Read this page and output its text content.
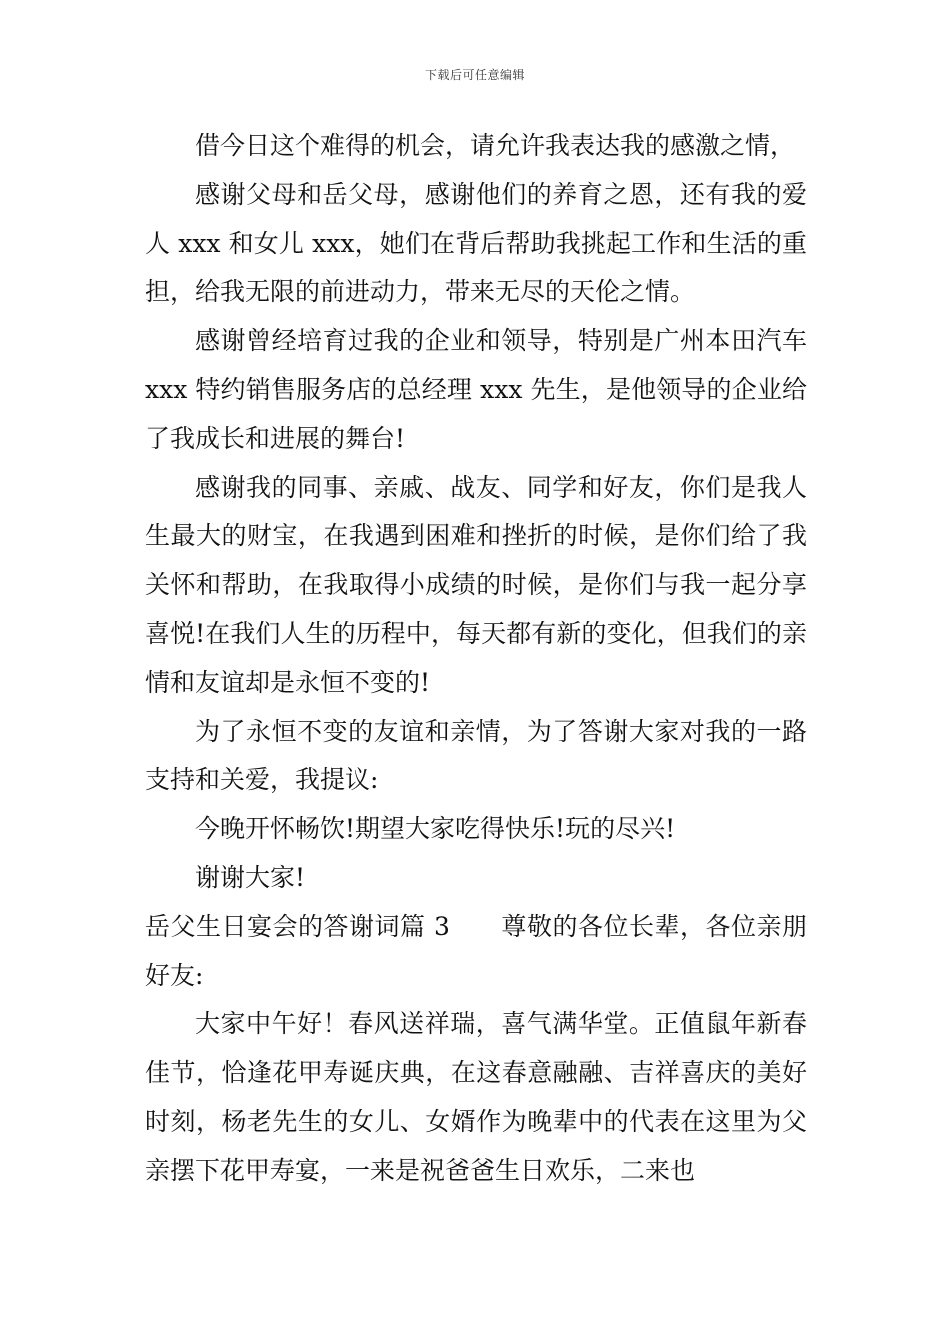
下载后可任意编辑

借今日这个难得的机会，请允许我表达我的感激之情，

感谢父母和岳父母，感谢他们的养育之恩，还有我的爱人 xxx 和女儿 xxx，她们在背后帮助我挑起工作和生活的重担，给我无限的前进动力，带来无尽的天伦之情。

感谢曾经培育过我的企业和领导，特别是广州本田汽车 xxx 特约销售服务店的总经理 xxx 先生，是他领导的企业给了我成长和进展的舞台!

感谢我的同事、亲戚、战友、同学和好友，你们是我人生最大的财宝，在我遇到困难和挫折的时候，是你们给了我关怀和帮助，在我取得小成绩的时候，是你们与我一起分享喜悦!在我们人生的历程中，每天都有新的变化，但我们的亲情和友谊却是永恒不变的!

为了永恒不变的友谊和亲情，为了答谢大家对我的一路支持和关爱，我提议:

今晚开怀畅饮!期望大家吃得快乐!玩的尽兴!

谢谢大家!

岳父生日宴会的答谢词篇 3　　尊敬的各位长辈，各位亲朋好友:

大家中午好！春风送祥瑞，喜气满华堂。正值鼠年新春佳节，恰逢花甲寿诞庆典，在这春意融融、吉祥喜庆的美好时刻，杨老先生的女儿、女婿作为晚辈中的代表在这里为父亲摆下花甲寿宴，一来是祝爸爸生日欢乐，二来也
